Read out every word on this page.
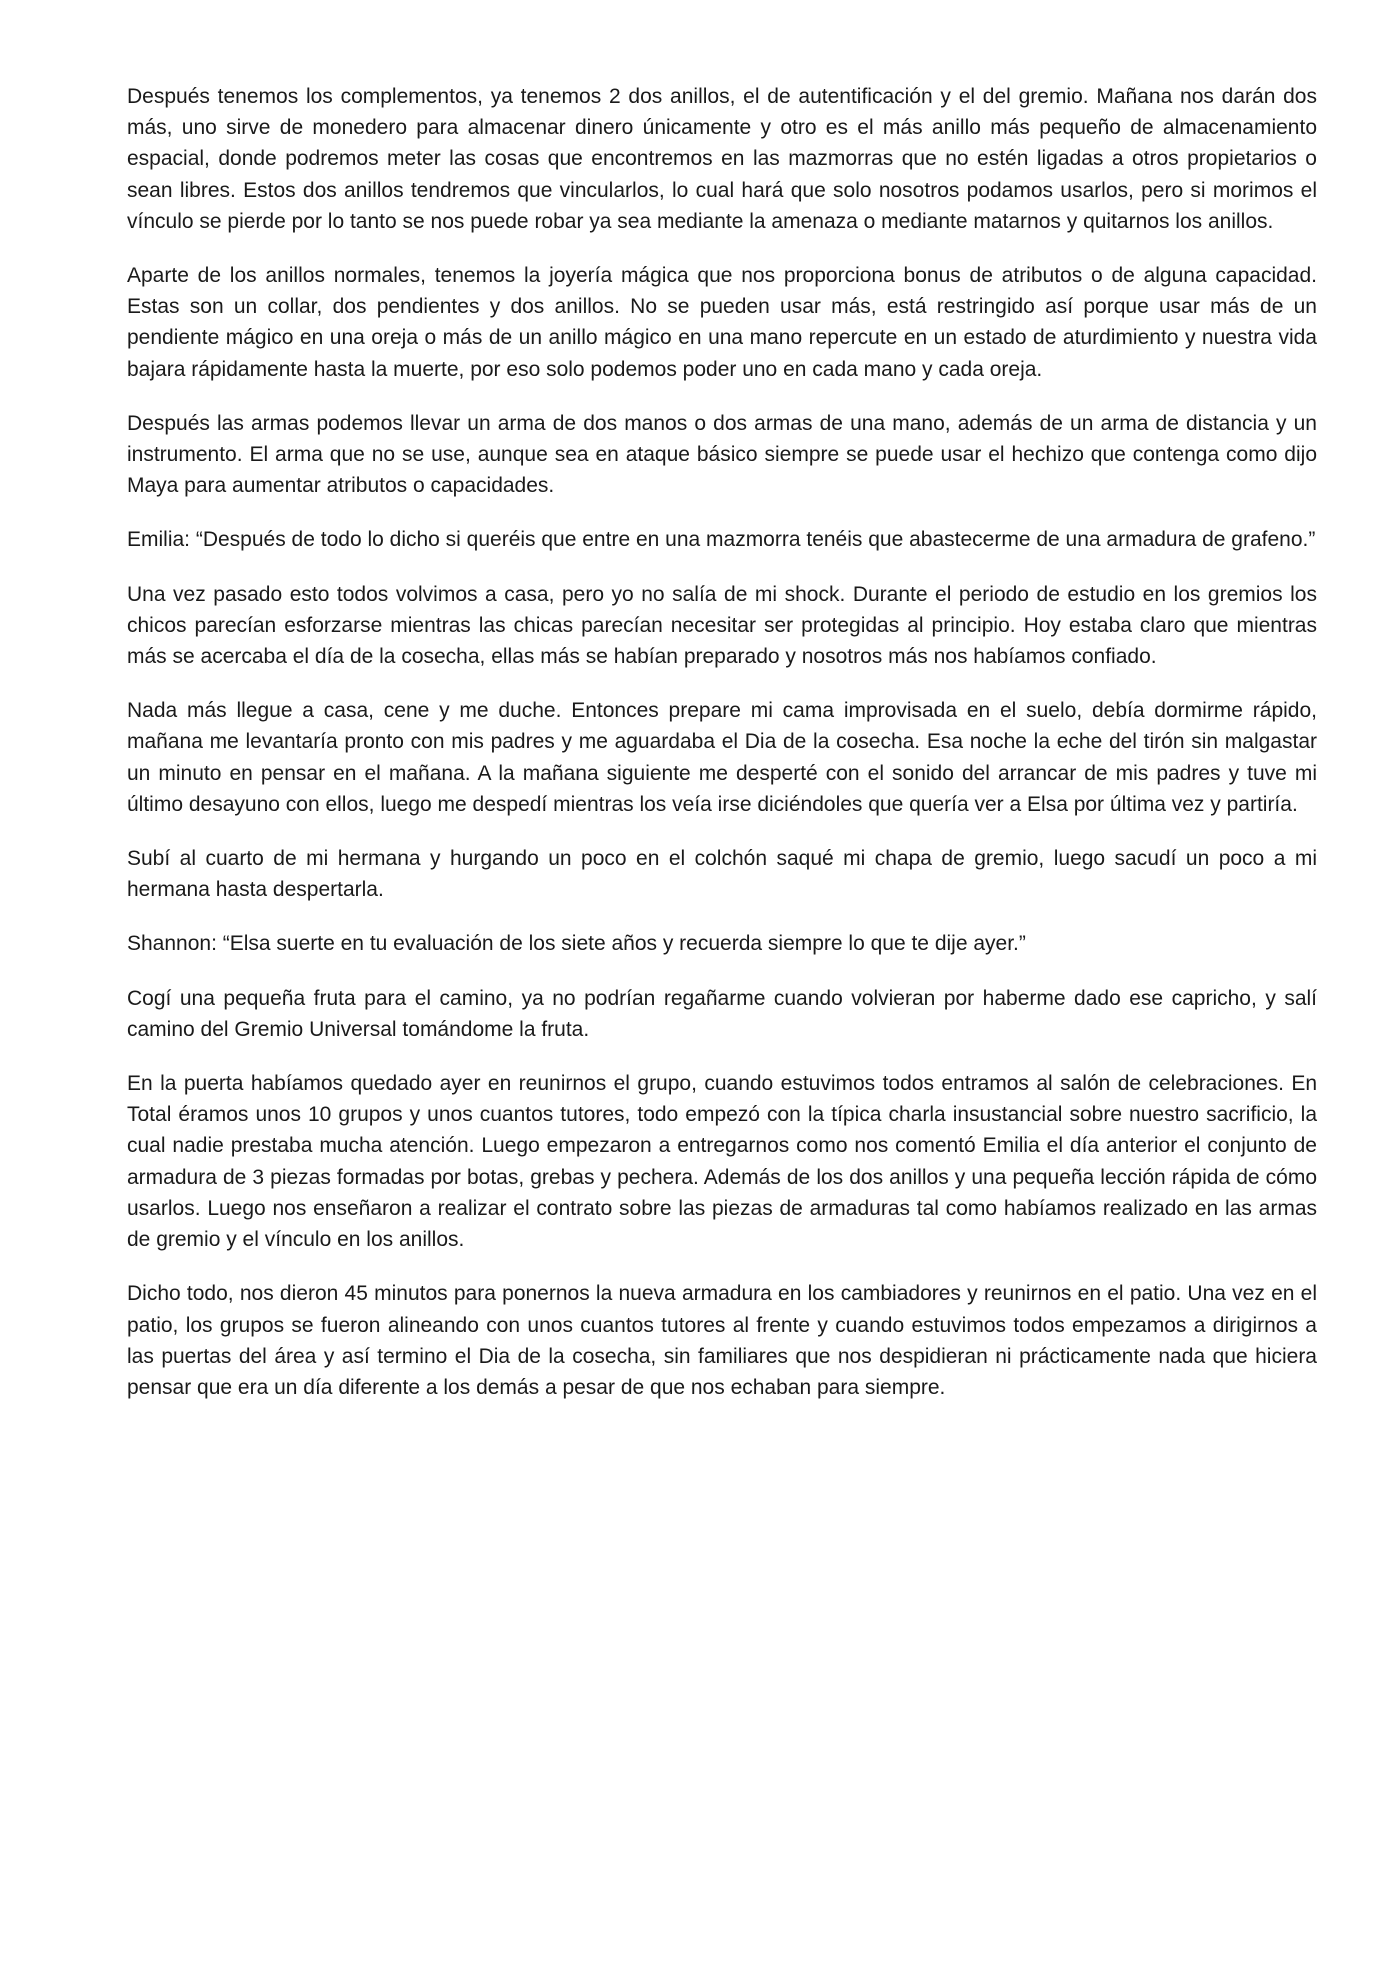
Después tenemos los complementos, ya tenemos 2 dos anillos, el de autentificación y el del gremio. Mañana nos darán dos más, uno sirve de monedero para almacenar dinero únicamente y otro es el más anillo más pequeño de almacenamiento espacial, donde podremos meter las cosas que encontremos en las mazmorras que no estén ligadas a otros propietarios o sean libres. Estos dos anillos tendremos que vincularlos, lo cual hará que solo nosotros podamos usarlos, pero si morimos el vínculo se pierde por lo tanto se nos puede robar ya sea mediante la amenaza o mediante matarnos y quitarnos los anillos.

Aparte de los anillos normales, tenemos la joyería mágica que nos proporciona bonus de atributos o de alguna capacidad. Estas son un collar, dos pendientes y dos anillos. No se pueden usar más, está restringido así porque usar más de un pendiente mágico en una oreja o más de un anillo mágico en una mano repercute en un estado de aturdimiento y nuestra vida bajara rápidamente hasta la muerte, por eso solo podemos poder uno en cada mano y cada oreja.

Después las armas podemos llevar un arma de dos manos o dos armas de una mano, además de un arma de distancia y un instrumento. El arma que no se use, aunque sea en ataque básico siempre se puede usar el hechizo que contenga como dijo Maya para aumentar atributos o capacidades.

Emilia: “Después de todo lo dicho si queréis que entre en una mazmorra tenéis que abastecerme de una armadura de grafeno.”

Una vez pasado esto todos volvimos a casa, pero yo no salía de mi shock. Durante el periodo de estudio en los gremios los chicos parecían esforzarse mientras las chicas parecían necesitar ser protegidas al principio. Hoy estaba claro que mientras más se acercaba el día de la cosecha, ellas más se habían preparado y nosotros más nos habíamos confiado.

Nada más llegue a casa, cene y me duche. Entonces prepare mi cama improvisada en el suelo, debía dormirme rápido, mañana me levantaría pronto con mis padres y me aguardaba el Dia de la cosecha. Esa noche la eche del tirón sin malgastar un minuto en pensar en el mañana. A la mañana siguiente me desperté con el sonido del arrancar de mis padres y tuve mi último desayuno con ellos, luego me despedí mientras los veía irse diciéndoles que quería ver a Elsa por última vez y partiría.

Subí al cuarto de mi hermana y hurgando un poco en el colchón saqué mi chapa de gremio, luego sacudí un poco a mi hermana hasta despertarla.

Shannon: “Elsa suerte en tu evaluación de los siete años y recuerda siempre lo que te dije ayer.”

Cogí una pequeña fruta para el camino, ya no podrían regañarme cuando volvieran por haberme dado ese capricho, y salí camino del Gremio Universal tomándome la fruta.

En la puerta habíamos quedado ayer en reunirnos el grupo, cuando estuvimos todos entramos al salón de celebraciones. En Total éramos unos 10 grupos y unos cuantos tutores, todo empezó con la típica charla insustancial sobre nuestro sacrificio, la cual nadie prestaba mucha atención. Luego empezaron a entregarnos como nos comentó Emilia el día anterior el conjunto de armadura de 3 piezas formadas por botas, grebas y pechera. Además de los dos anillos y una pequeña lección rápida de cómo usarlos. Luego nos enseñaron a realizar el contrato sobre las piezas de armaduras tal como habíamos realizado en las armas de gremio y el vínculo en los anillos.

Dicho todo, nos dieron 45 minutos para ponernos la nueva armadura en los cambiadores y reunirnos en el patio. Una vez en el patio, los grupos se fueron alineando con unos cuantos tutores al frente y cuando estuvimos todos empezamos a dirigirnos a las puertas del área y así termino el Dia de la cosecha, sin familiares que nos despidieran ni prácticamente nada que hiciera pensar que era un día diferente a los demás a pesar de que nos echaban para siempre.
